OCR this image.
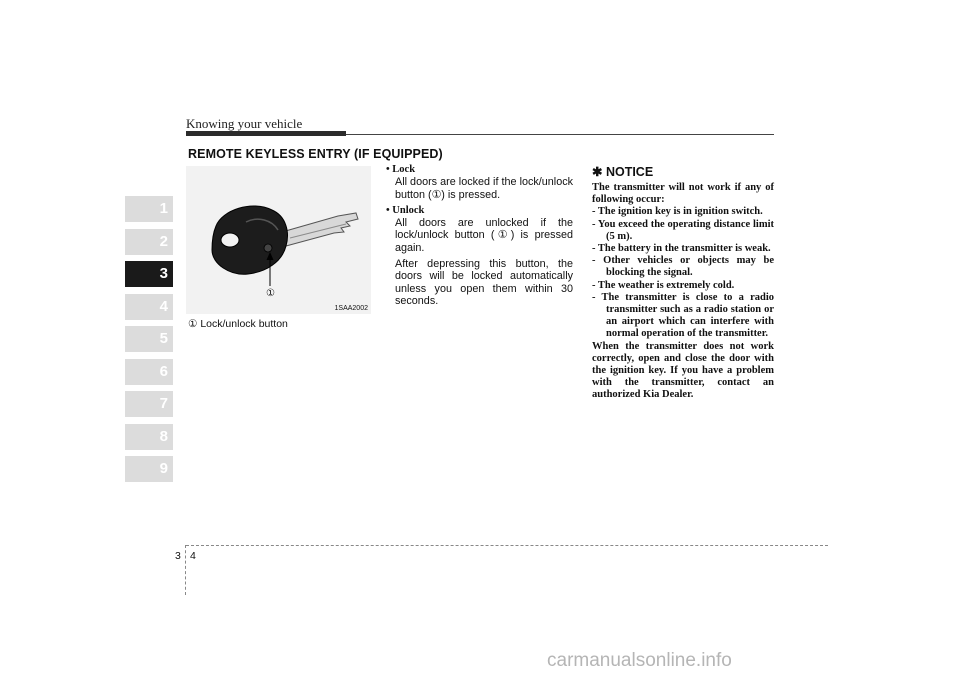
Knowing your vehicle
REMOTE KEYLESS ENTRY (IF EQUIPPED)
1
2
3
4
5
6
7
8
9
①
1SAA2002
① Lock/unlock button
• Lock

All doors are locked if the lock/unlock button (①) is pressed.

• Unlock

All doors are unlocked if the lock/unlock button (①) is pressed again.

After depressing this button, the doors will be locked automatically unless you open them within 30 seconds.

✱ NOTICE

The transmitter will not work if any of following occur:

- The ignition key is in ignition switch.
- You exceed the operating distance limit (5 m).
- The battery in the transmitter is weak.
- Other vehicles or objects may be blocking the signal.
- The weather is extremely cold.
- The transmitter is close to a radio transmitter such as a radio station or an airport which can interfere with normal operation of the transmitter.

When the transmitter does not work correctly, open and close the door with the ignition key. If you have a problem with the transmitter, contact an authorized Kia Dealer.

3 4
carmanualsonline.info
